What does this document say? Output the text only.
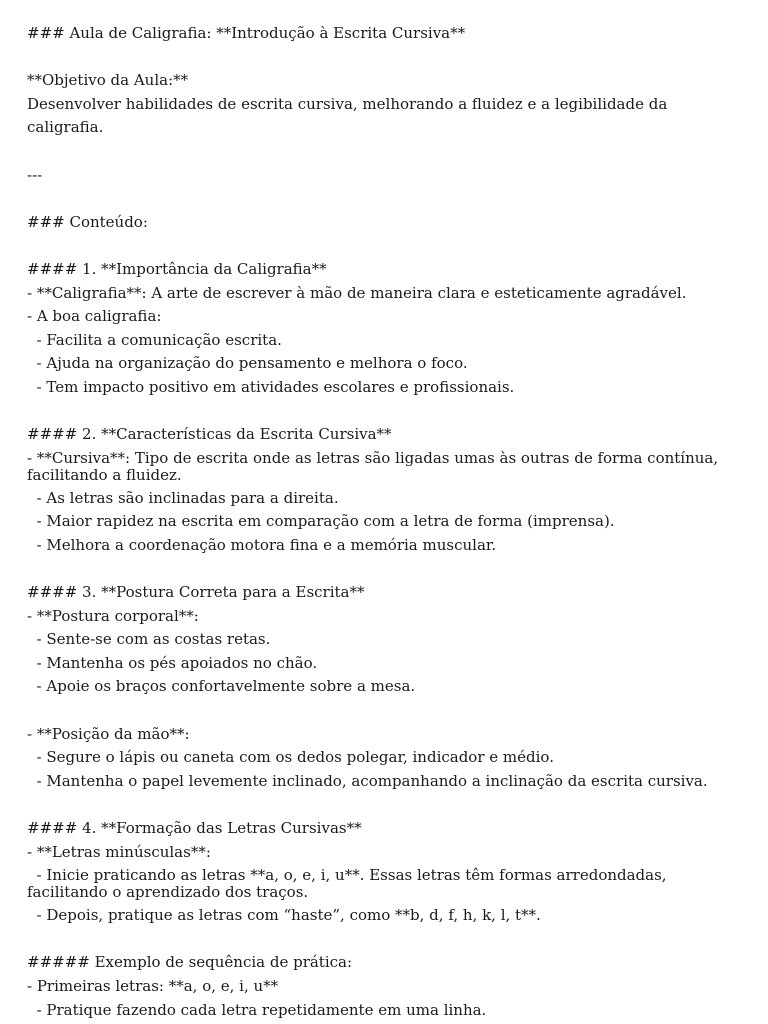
### Aula de Caligrafia: **Introdução à Escrita Cursiva**

**Objetivo da Aula:**

Desenvolver habilidades de escrita cursiva, melhorando a fluidez e a legibilidade da caligrafia.

---

### Conteúdo:

#### 1. **Importância da Caligrafia**

- **Caligrafia**: A arte de escrever à mão de maneira clara e esteticamente agradável.

- A boa caligrafia:

- Facilita a comunicação escrita.

- Ajuda na organização do pensamento e melhora o foco.

- Tem impacto positivo em atividades escolares e profissionais.

#### 2. **Características da Escrita Cursiva**

- **Cursiva**: Tipo de escrita onde as letras são ligadas umas às outras de forma contínua, facilitando a fluidez.

- As letras são inclinadas para a direita.

- Maior rapidez na escrita em comparação com a letra de forma (imprensa).

- Melhora a coordenação motora fina e a memória muscular.

#### 3. **Postura Correta para a Escrita**

- **Postura corporal**:

- Sente-se com as costas retas.

- Mantenha os pés apoiados no chão.

- Apoie os braços confortavelmente sobre a mesa.

- **Posição da mão**:

- Segure o lápis ou caneta com os dedos polegar, indicador e médio.

- Mantenha o papel levemente inclinado, acompanhando a inclinação da escrita cursiva.

#### 4. **Formação das Letras Cursivas**

- **Letras minúsculas**:

- Inicie praticando as letras **a, o, e, i, u**. Essas letras têm formas arredondadas, facilitando o aprendizado dos traços.

- Depois, pratique as letras com “haste”, como **b, d, f, h, k, l, t**.

##### Exemplo de sequência de prática:

- Primeiras letras: **a, o, e, i, u**

- Pratique fazendo cada letra repetidamente em uma linha.
